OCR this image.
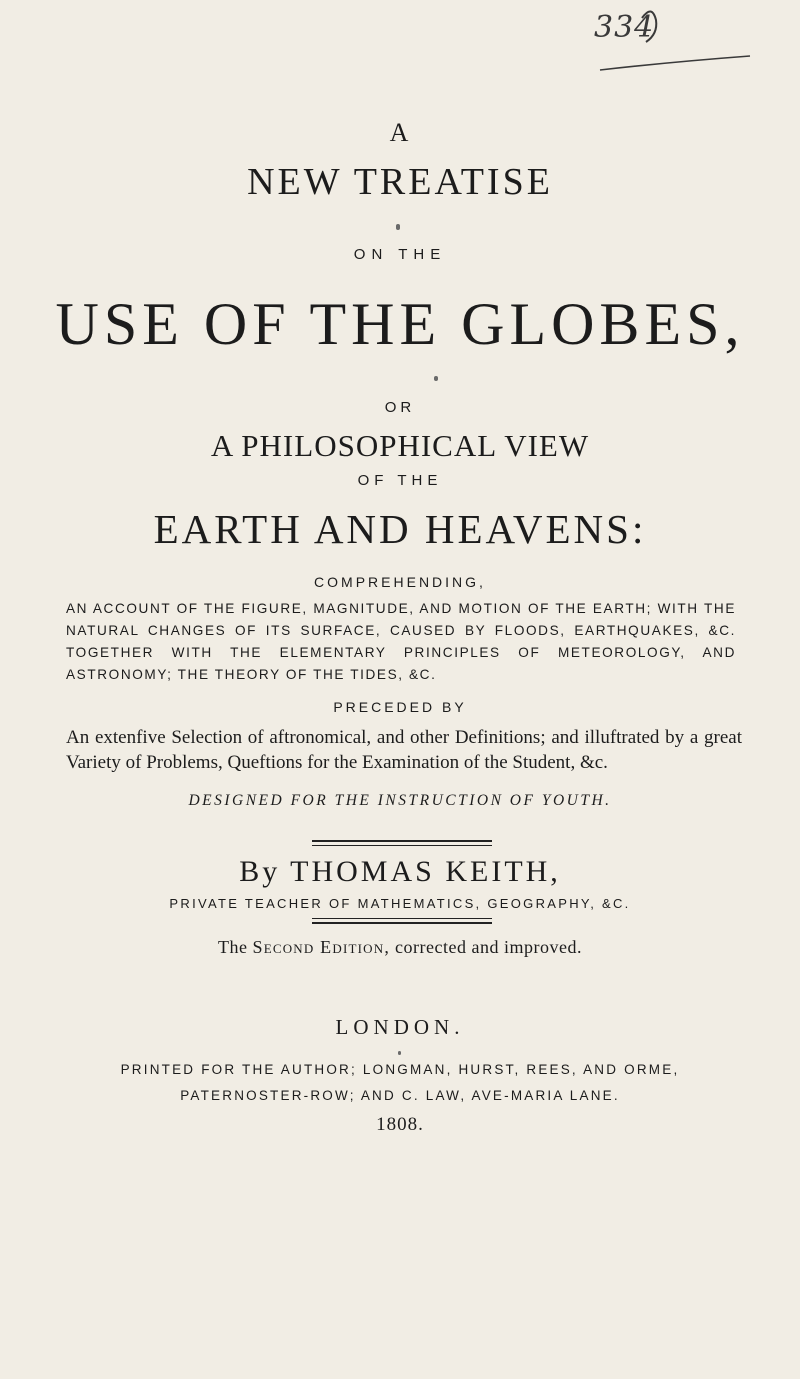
334
A
NEW TREATISE
ON THE
USE OF THE GLOBES,
OR
A PHILOSOPHICAL VIEW
OF THE
EARTH AND HEAVENS:
COMPREHENDING,
AN ACCOUNT OF THE FIGURE, MAGNITUDE, AND MOTION OF THE EARTH; WITH THE NATURAL CHANGES OF ITS SURFACE, CAUSED BY FLOODS, EARTHQUAKES, &C. TOGETHER WITH THE ELEMENTARY PRINCIPLES OF METEOROLOGY, AND ASTRONOMY; THE THEORY OF THE TIDES, &C.
PRECEDED BY
An extenfive Selection of aftronomical, and other Definitions; and illuftrated by a great Variety of Problems, Queftions for the Examination of the Student, &c.
DESIGNED FOR THE INSTRUCTION OF YOUTH.
By THOMAS KEITH,
PRIVATE TEACHER OF MATHEMATICS, GEOGRAPHY, &C.
The Second Edition, corrected and improved.
LONDON.
PRINTED FOR THE AUTHOR; LONGMAN, HURST, REES, AND ORME,
PATERNOSTER-ROW; AND C. LAW, AVE-MARIA LANE.
1808.
